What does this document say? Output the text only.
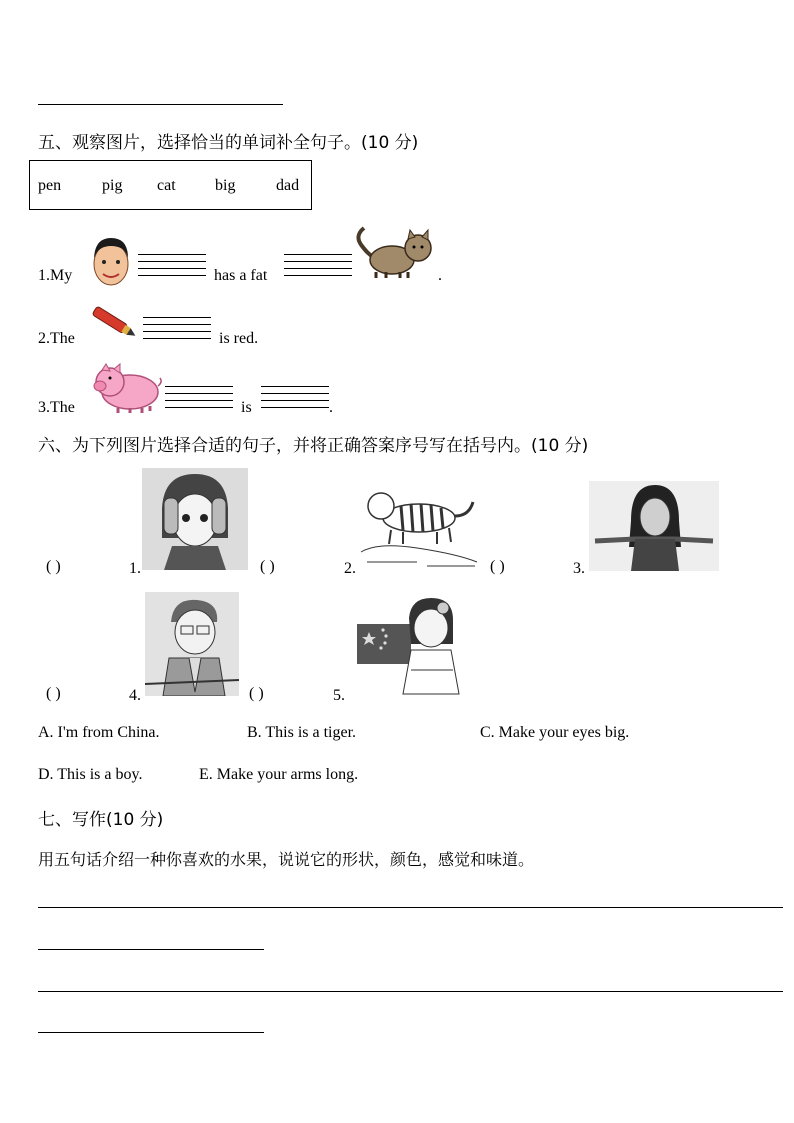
五、观察图片，选择恰当的单词补全句子。(10 分)
pen	pig cat big	dad
1.My	has a fat	.
2.The	is red.
3.The	is	.
六、为下列图片选择合适的句子，并将正确答案序号写在括号内。(10 分)
( )	1.	( )	2.	( )	3.
( )	4.	( )	5.
A. I'm from China.	B. This is a tiger.	C. Make your eyes big.
D. This is a boy.	E. Make your arms long.
七、写作(10 分)
用五句话介绍一种你喜欢的水果，说说它的形状，颜色，感觉和味道。
